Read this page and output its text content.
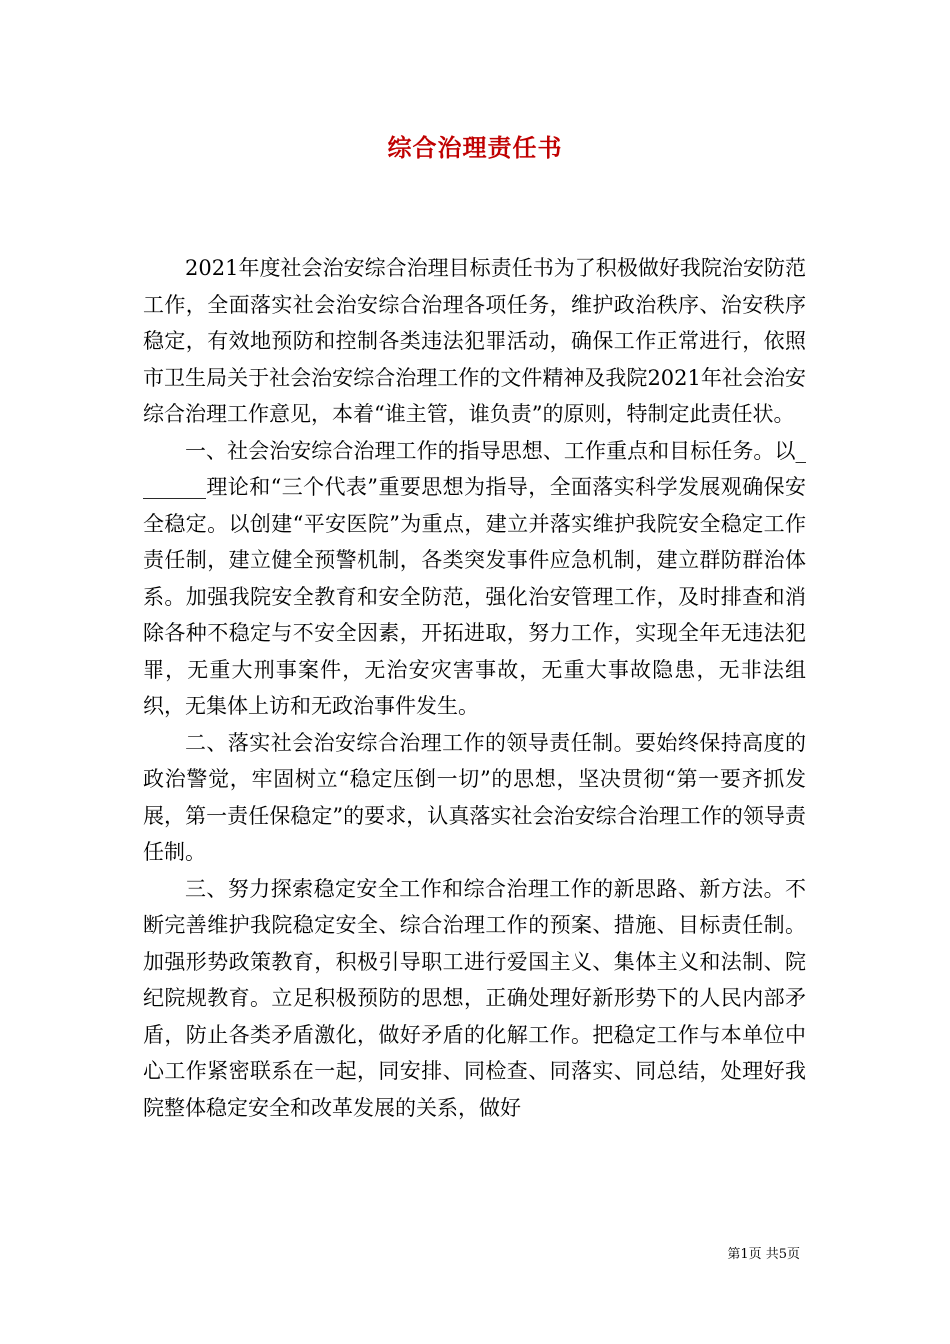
综合治理责任书

2021年度社会治安综合治理目标责任书为了积极做好我院治安防范工作，全面落实社会治安综合治理各项任务，维护政治秩序、治安秩序稳定，有效地预防和控制各类违法犯罪活动，确保工作正常进行，依照市卫生局关于社会治安综合治理工作的文件精神及我院2021年社会治安综合治理工作意见，本着“谁主管，谁负责”的原则，特制定此责任状。

一、社会治安综合治理工作的指导思想、工作重点和目标任务。以_______理论和“三个代表”重要思想为指导，全面落实科学发展观确保安全稳定。以创建“平安医院”为重点，建立并落实维护我院安全稳定工作责任制，建立健全预警机制，各类突发事件应急机制，建立群防群治体系。加强我院安全教育和安全防范，强化治安管理工作，及时排查和消除各种不稳定与不安全因素，开拓进取，努力工作，实现全年无违法犯罪，无重大刑事案件，无治安灾害事故，无重大事故隐患，无非法组织，无集体上访和无政治事件发生。

二、落实社会治安综合治理工作的领导责任制。要始终保持高度的政治警觉，牢固树立“稳定压倒一切”的思想，坚决贯彻“第一要齐抓发展，第一责任保稳定”的要求，认真落实社会治安综合治理工作的领导责任制。

三、努力探索稳定安全工作和综合治理工作的新思路、新方法。不断完善维护我院稳定安全、综合治理工作的预案、措施、目标责任制。加强形势政策教育，积极引导职工进行爱国主义、集体主义和法制、院纪院规教育。立足积极预防的思想，正确处理好新形势下的人民内部矛盾，防止各类矛盾激化，做好矛盾的化解工作。把稳定工作与本单位中心工作紧密联系在一起，同安排、同检查、同落实、同总结，处理好我院整体稳定安全和改革发展的关系，做好

第1页 共5页
